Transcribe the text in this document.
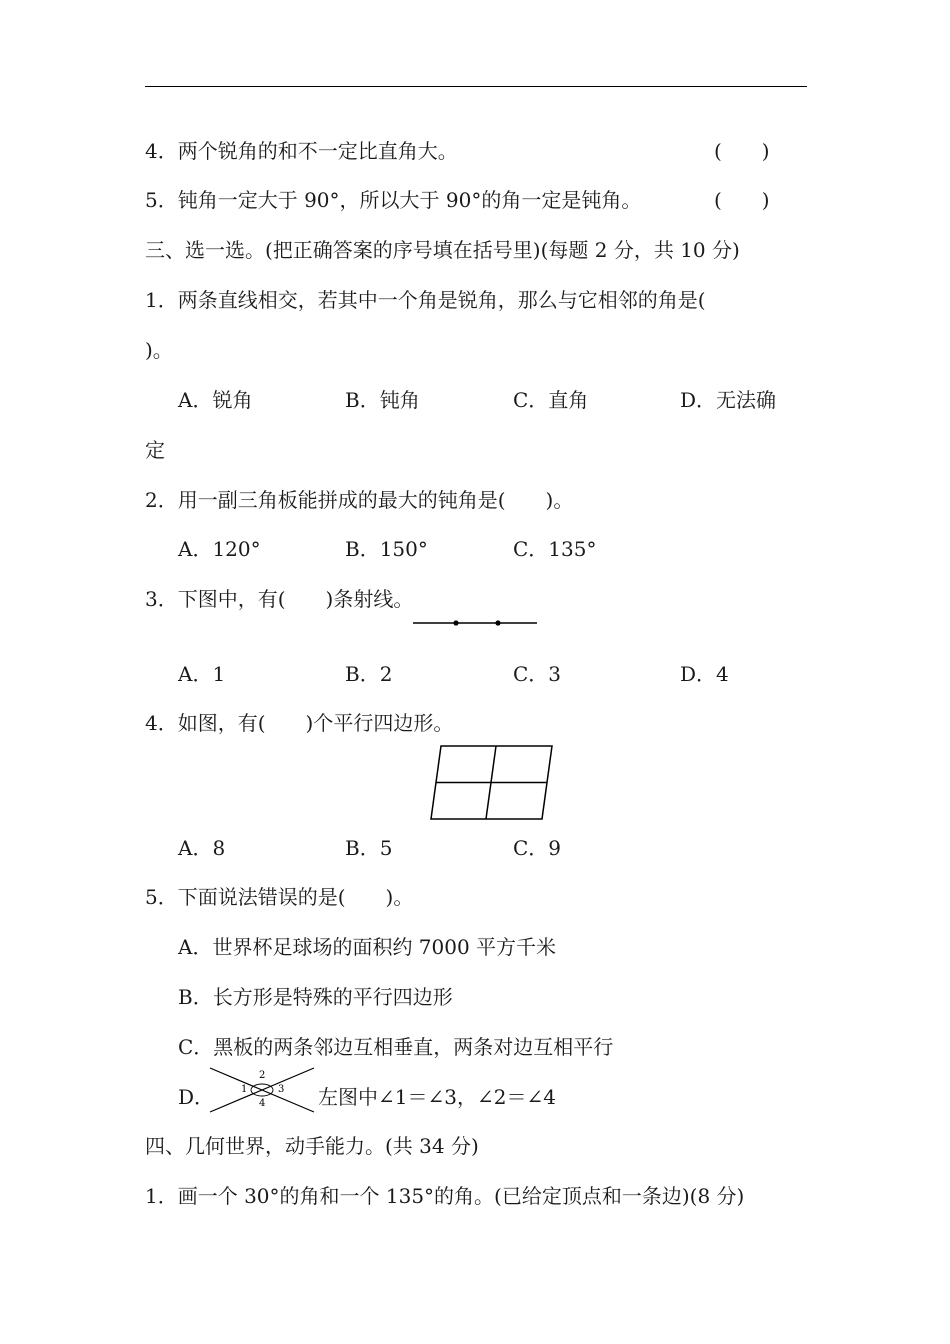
4．两个锐角的和不一定比直角大。	(　　)
5．钝角一定大于 90°，所以大于 90°的角一定是钝角。	(　　)
三、选一选。(把正确答案的序号填在括号里)(每题 2 分，共 10 分)
1．两条直线相交，若其中一个角是锐角，那么与它相邻的角是(
)。
A．锐角	B．钝角	C．直角	D．无法确
定
2．用一副三角板能拼成的最大的钝角是(　　)。
A．120°	B．150°	C．135°
3．下图中，有(　　)条射线。
A．1	B．2	C．3	D．4
4．如图，有(　　)个平行四边形。
A．8	B．5	C．9
5．下面说法错误的是(　　)。
A．世界杯足球场的面积约 7000 平方千米
B．长方形是特殊的平行四边形
C．黑板的两条邻边互相垂直，两条对边互相平行
D．	1
2
3
4	左图中∠1＝∠3，∠2＝∠4
四、几何世界，动手能力。(共 34 分)
1．画一个 30°的角和一个 135°的角。(已给定顶点和一条边)(8 分)
